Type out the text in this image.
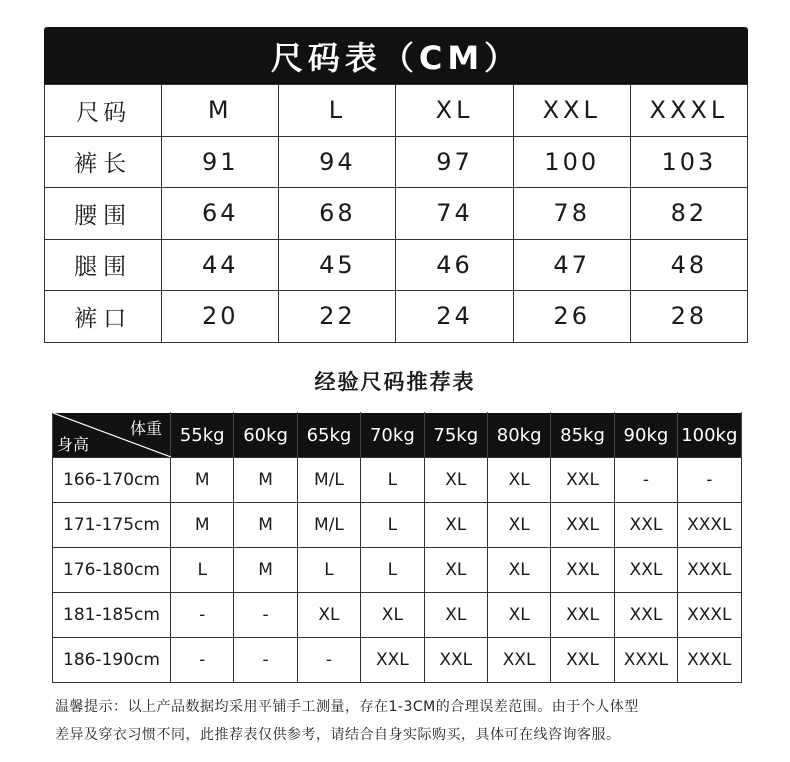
尺码表（CM）
尺码	M	L	XL	XXL	XXXL
裤长	91	94	97	100	103
腰围	64	68	74	78	82
腿围	44	45	46	47	48
裤口	20	22	24	26	28
经验尺码推荐表
体重
身高	55kg	60kg	65kg	70kg	75kg	80kg	85kg	90kg	100kg
166-170cm	M	M	M/L	L	XL	XL	XXL	-	-
171-175cm	M	M	M/L	L	XL	XL	XXL	XXL	XXXL
176-180cm	L	M	L	L	XL	XL	XXL	XXL	XXXL
181-185cm	-	-	XL	XL	XL	XL	XXL	XXL	XXXL
186-190cm	-	-	-	XXL	XXL	XXL	XXL	XXXL	XXXL
温馨提示：以上产品数据均采用平铺手工测量，存在1-3CM的合理误差范围。由于个人体型
差异及穿衣习惯不同，此推荐表仅供参考，请结合自身实际购买，具体可在线咨询客服。
